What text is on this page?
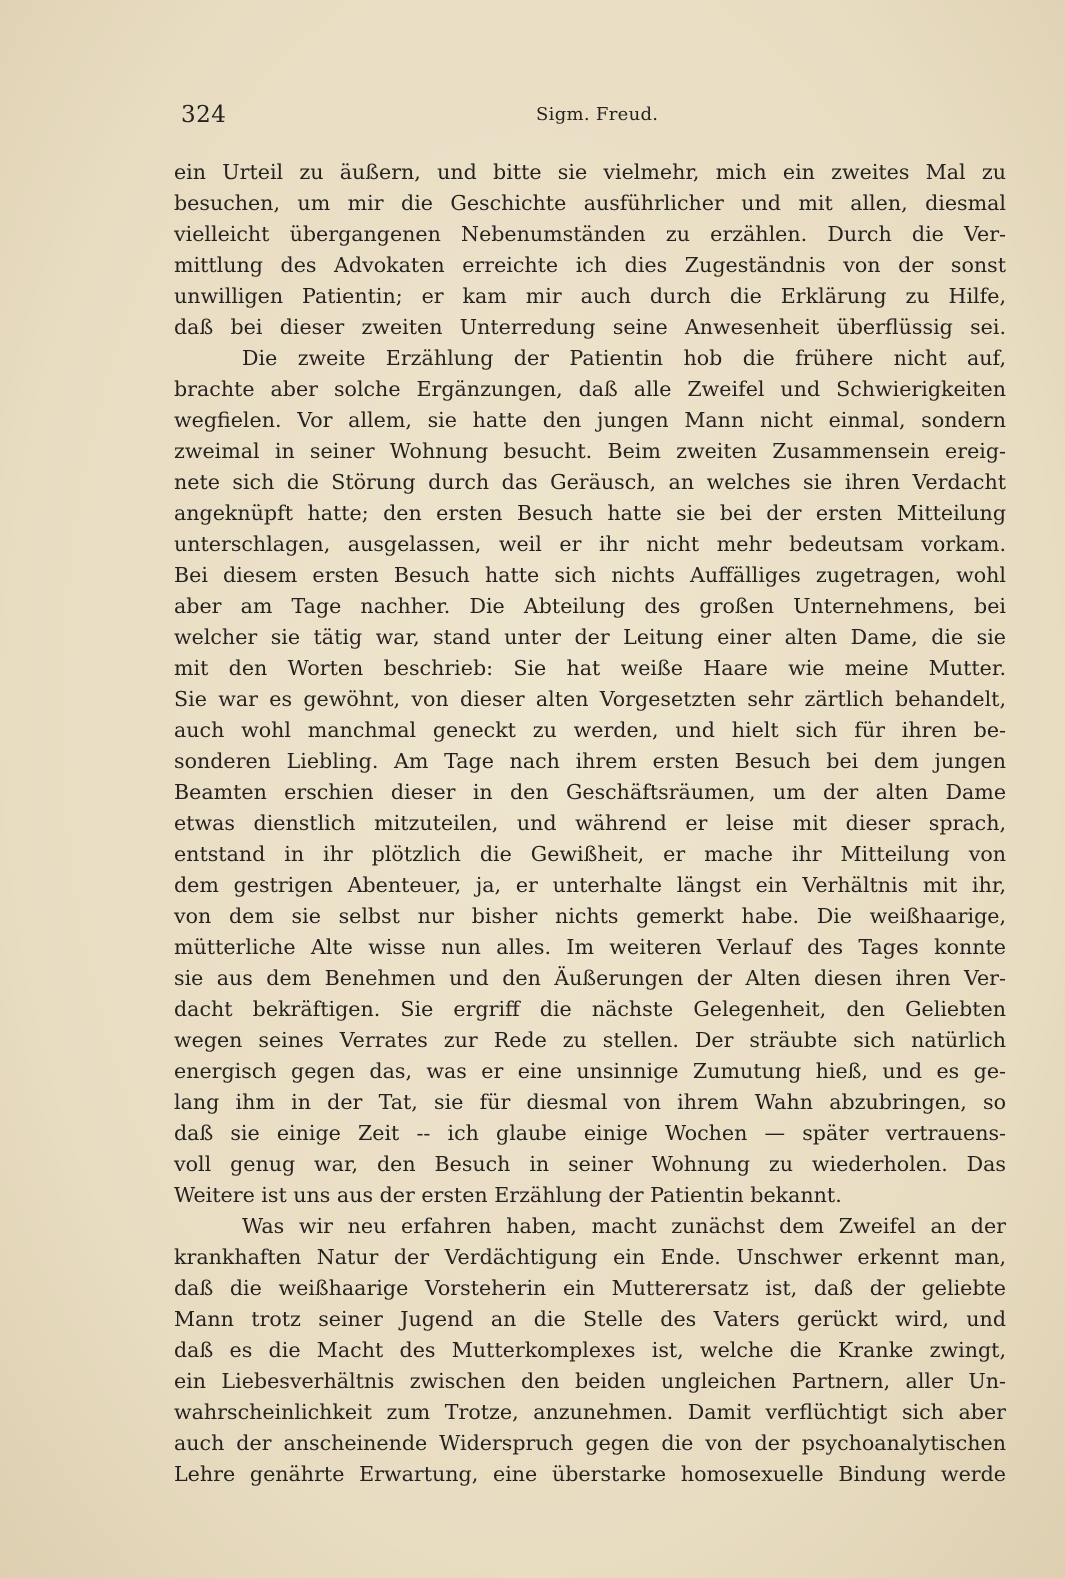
324	Sigm. Freud.
ein Urteil zu äußern, und bitte sie vielmehr, mich ein zweites Mal zu
besuchen, um mir die Geschichte ausführlicher und mit allen, diesmal
vielleicht übergangenen Nebenumständen zu erzählen. Durch die Ver-
mittlung des Advokaten erreichte ich dies Zugeständnis von der sonst
unwilligen Patientin; er kam mir auch durch die Erklärung zu Hilfe,
daß bei dieser zweiten Unterredung seine Anwesenheit überflüssig sei.
Die zweite Erzählung der Patientin hob die frühere nicht auf,
brachte aber solche Ergänzungen, daß alle Zweifel und Schwierigkeiten
wegfielen. Vor allem, sie hatte den jungen Mann nicht einmal, sondern
zweimal in seiner Wohnung besucht. Beim zweiten Zusammensein ereig-
nete sich die Störung durch das Geräusch, an welches sie ihren Verdacht
angeknüpft hatte; den ersten Besuch hatte sie bei der ersten Mitteilung
unterschlagen, ausgelassen, weil er ihr nicht mehr bedeutsam vorkam.
Bei diesem ersten Besuch hatte sich nichts Auffälliges zugetragen, wohl
aber am Tage nachher. Die Abteilung des großen Unternehmens, bei
welcher sie tätig war, stand unter der Leitung einer alten Dame, die sie
mit den Worten beschrieb: Sie hat weiße Haare wie meine Mutter.
Sie war es gewöhnt, von dieser alten Vorgesetzten sehr zärtlich behandelt,
auch wohl manchmal geneckt zu werden, und hielt sich für ihren be-
sonderen Liebling. Am Tage nach ihrem ersten Besuch bei dem jungen
Beamten erschien dieser in den Geschäftsräumen, um der alten Dame
etwas dienstlich mitzuteilen, und während er leise mit dieser sprach,
entstand in ihr plötzlich die Gewißheit, er mache ihr Mitteilung von
dem gestrigen Abenteuer, ja, er unterhalte längst ein Verhältnis mit ihr,
von dem sie selbst nur bisher nichts gemerkt habe. Die weißhaarige,
mütterliche Alte wisse nun alles. Im weiteren Verlauf des Tages konnte
sie aus dem Benehmen und den Äußerungen der Alten diesen ihren Ver-
dacht bekräftigen. Sie ergriff die nächste Gelegenheit, den Geliebten
wegen seines Verrates zur Rede zu stellen. Der sträubte sich natürlich
energisch gegen das, was er eine unsinnige Zumutung hieß, und es ge-
lang ihm in der Tat, sie für diesmal von ihrem Wahn abzubringen, so
daß sie einige Zeit -- ich glaube einige Wochen — später vertrauens-
voll genug war, den Besuch in seiner Wohnung zu wiederholen. Das
Weitere ist uns aus der ersten Erzählung der Patientin bekannt.
Was wir neu erfahren haben, macht zunächst dem Zweifel an der
krankhaften Natur der Verdächtigung ein Ende. Unschwer erkennt man,
daß die weißhaarige Vorsteherin ein Mutterersatz ist, daß der geliebte
Mann trotz seiner Jugend an die Stelle des Vaters gerückt wird, und
daß es die Macht des Mutterkomplexes ist, welche die Kranke zwingt,
ein Liebesverhältnis zwischen den beiden ungleichen Partnern, aller Un-
wahrscheinlichkeit zum Trotze, anzunehmen. Damit verflüchtigt sich aber
auch der anscheinende Widerspruch gegen die von der psychoanalytischen
Lehre genährte Erwartung, eine überstarke homosexuelle Bindung werde
